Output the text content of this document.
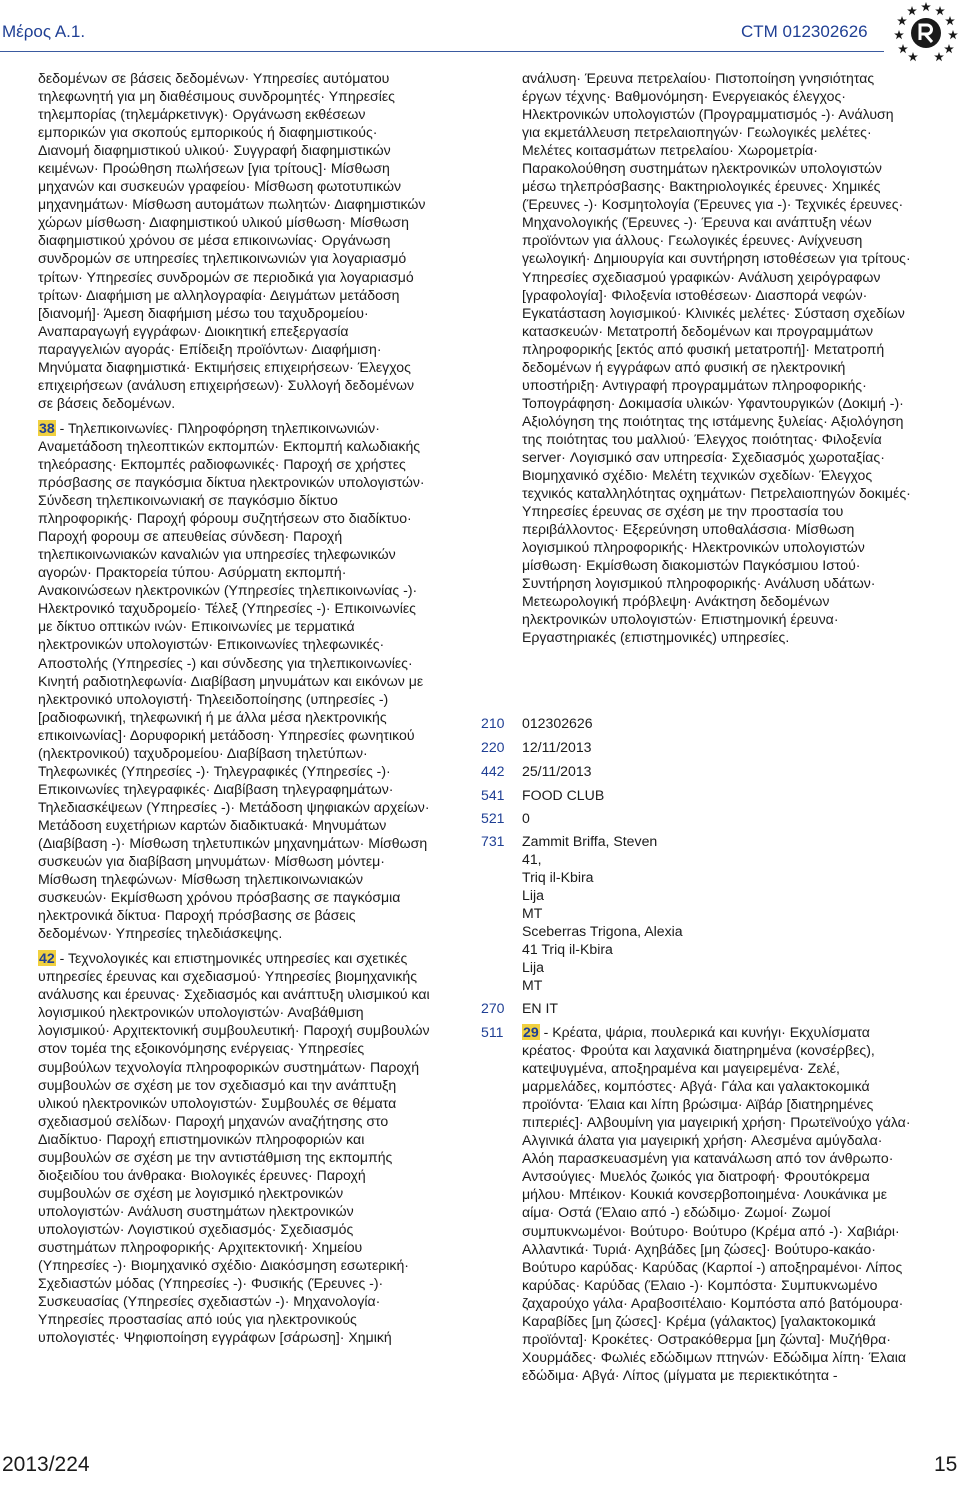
Μέρος Α.1.	CTM 012302626

δεδομένων σε βάσεις δεδομένων· Υπηρεσίες αυτόματου τηλεφωνητή για μη διαθέσιμους συνδρομητές· Υπηρεσίες τηλεμπορίας (τηλεμάρκετινγκ)· Οργάνωση εκθέσεων εμπορικών για σκοπούς εμπορικούς ή διαφημιστικούς· Διανομή διαφημιστικού υλικού· Συγγραφή διαφημιστικών κειμένων· Προώθηση πωλήσεων [για τρίτους]· Μίσθωση μηχανών και συσκευών γραφείου· Μίσθωση φωτοτυπικών μηχανημάτων· Μίσθωση αυτομάτων πωλητών· Διαφημιστικών χώρων μίσθωση· Διαφημιστικού υλικού μίσθωση· Μίσθωση διαφημιστικού χρόνου σε μέσα επικοινωνίας· Οργάνωση συνδρομών σε υπηρεσίες τηλεπικοινωνιών για λογαριασμό τρίτων· Υπηρεσίες συνδρομών σε περιοδικά για λογαριασμό τρίτων· Διαφήμιση με αλληλογραφία· Δειγμάτων μετάδοση [διανομή]· Άμεση διαφήμιση μέσω του ταχυδρομείου· Αναπαραγωγή εγγράφων· Διοικητική επεξεργασία παραγγελιών αγοράς· Επίδειξη προϊόντων· Διαφήμιση· Μηνύματα διαφημιστικά· Εκτιμήσεις επιχειρήσεων· Έλεγχος επιχειρήσεων (ανάλυση επιχειρήσεων)· Συλλογή δεδομένων σε βάσεις δεδομένων.

38 - Τηλεπικοινωνίες· Πληροφόρηση τηλεπικοινωνιών· Αναμετάδοση τηλεοπτικών εκπομπών· Εκπομπή καλωδιακής τηλεόρασης· Εκπομπές ραδιοφωνικές· Παροχή σε χρήστες πρόσβασης σε παγκόσμια δίκτυα ηλεκτρονικών υπολογιστών· Σύνδεση τηλεπικοινωνιακή σε παγκόσμιο δίκτυο πληροφορικής· Παροχή φόρουμ συζητήσεων στο διαδίκτυο· Παροχή φορουμ σε απευθείας σύνδεση· Παροχή τηλεπικοινωνιακών καναλιών για υπηρεσίες τηλεφωνικών αγορών· Πρακτορεία τύπου· Ασύρματη εκπομπή· Ανακοινώσεων ηλεκτρονικών (Υπηρεσίες τηλεπικοινωνίας -)· Ηλεκτρονικό ταχυδρομείο· Τέλεξ (Υπηρεσίες -)· Επικοινωνίες με δίκτυο οπτικών ινών· Επικοινωνίες με τερματικά ηλεκτρονικών υπολογιστών· Επικοινωνίες τηλεφωνικές· Αποστολής (Υπηρεσίες -) και σύνδεσης για τηλεπικοινωνίες· Κινητή ραδιοτηλεφωνία· Διαβίβαση μηνυμάτων και εικόνων με ηλεκτρονικό υπολογιστή· Τηλεειδοποίησης (υπηρεσίες -) [ραδιοφωνική, τηλεφωνική ή με άλλα μέσα ηλεκτρονικής επικοινωνίας]· Δορυφορική μετάδοση· Υπηρεσίες φωνητικού (ηλεκτρονικού) ταχυδρομείου· Διαβίβαση τηλετύπων· Τηλεφωνικές (Υπηρεσίες -)· Τηλεγραφικές (Υπηρεσίες -)· Επικοινωνίες τηλεγραφικές· Διαβίβαση τηλεγραφημάτων· Τηλεδιασκέψεων (Υπηρεσίες -)· Μετάδοση ψηφιακών αρχείων· Μετάδοση ευχετήριων καρτών διαδικτυακά· Μηνυμάτων (Διαβίβαση -)· Μίσθωση τηλετυπικών μηχανημάτων· Μίσθωση συσκευών για διαβίβαση μηνυμάτων· Μίσθωση μόντεμ· Μίσθωση τηλεφώνων· Μίσθωση τηλεπικοινωνιακών συσκευών· Εκμίσθωση χρόνου πρόσβασης σε παγκόσμια ηλεκτρονικά δίκτυα· Παροχή πρόσβασης σε βάσεις δεδομένων· Υπηρεσίες τηλεδιάσκεψης.

42 - Τεχνολογικές και επιστημονικές υπηρεσίες και σχετικές υπηρεσίες έρευνας και σχεδιασμού· Υπηρεσίες βιομηχανικής ανάλυσης και έρευνας· Σχεδιασμός και ανάπτυξη υλισμικού και λογισμικού ηλεκτρονικών υπολογιστών· Αναβάθμιση λογισμικού· Αρχιτεκτονική συμβουλευτική· Παροχή συμβουλών στον τομέα της εξοικονόμησης ενέργειας· Υπηρεσίες συμβούλων τεχνολογία πληροφορικών συστημάτων· Παροχή συμβουλών σε σχέση με τον σχεδιασμό και την ανάπτυξη υλικού ηλεκτρονικών υπολογιστών· Συμβουλές σε θέματα σχεδιασμού σελίδων· Παροχή μηχανών αναζήτησης στο Διαδίκτυο· Παροχή επιστημονικών πληροφοριών και συμβουλών σε σχέση με την αντιστάθμιση της εκπομπής διοξειδίου του άνθρακα· Βιολογικές έρευνες· Παροχή συμβουλών σε σχέση με λογισμικό ηλεκτρονικών υπολογιστών· Ανάλυση συστημάτων ηλεκτρονικών υπολογιστών· Λογιστικού σχεδιασμός· Σχεδιασμός συστημάτων πληροφορικής· Αρχιτεκτονική· Χημείου (Υπηρεσίες -)· Βιομηχανικό σχέδιο· Διακόσμηση εσωτερική· Σχεδιαστών μόδας (Υπηρεσίες -)· Φυσικής (Έρευνες -)· Συσκευασίας (Υπηρεσίες σχεδιαστών -)· Μηχανολογία· Υπηρεσίες προστασίας από ιούς για ηλεκτρονικούς υπολογιστές· Ψηφιοποίηση εγγράφων [σάρωση]· Χημική

ανάλυση· Έρευνα πετρελαίου· Πιστοποίηση γνησιότητας έργων τέχνης· Βαθμονόμηση· Ενεργειακός έλεγχος· Ηλεκτρονικών υπολογιστών (Προγραμματισμός -)· Ανάλυση για εκμετάλλευση πετρελαιοπηγών· Γεωλογικές μελέτες· Μελέτες κοιτασμάτων πετρελαίου· Χωρομετρία· Παρακολούθηση συστημάτων ηλεκτρονικών υπολογιστών μέσω τηλεπρόσβασης· Βακτηριολογικές έρευνες· Χημικές (Έρευνες -)· Κοσμητολογία (Έρευνες για -)· Τεχνικές έρευνες· Μηχανολογικής (Έρευνες -)· Έρευνα και ανάπτυξη νέων προϊόντων για άλλους· Γεωλογικές έρευνες· Ανίχνευση γεωλογική· Δημιουργία και συντήρηση ιστοθέσεων για τρίτους· Υπηρεσίες σχεδιασμού γραφικών· Ανάλυση χειρόγραφων [γραφολογία]· Φιλοξενία ιστοθέσεων· Διασπορά νεφών· Εγκατάσταση λογισμικού· Κλινικές μελέτες· Σύσταση σχεδίων κατασκευών· Μετατροπή δεδομένων και προγραμμάτων πληροφορικής [εκτός από φυσική μετατροπή]· Μετατροπή δεδομένων ή εγγράφων από φυσική σε ηλεκτρονική υποστήριξη· Αντιγραφή προγραμμάτων πληροφορικής· Τοπογράφηση· Δοκιμασία υλικών· Υφαντουργικών (Δοκιμή -)· Αξιολόγηση της ποιότητας της ιστάμενης ξυλείας· Αξιολόγηση της ποιότητας του μαλλιού· Έλεγχος ποιότητας· Φιλοξενία server· Λογισμικό σαν υπηρεσία· Σχεδιασμός χωροταξίας· Βιομηχανικό σχέδιο· Μελέτη τεχνικών σχεδίων· Έλεγχος τεχνικός καταλληλότητας οχημάτων· Πετρελαιοπηγών δοκιμές· Υπηρεσίες έρευνας σε σχέση με την προστασία του περιβάλλοντος· Εξερεύνηση υποθαλάσσια· Μίσθωση λογισμικού πληροφορικής· Ηλεκτρονικών υπολογιστών μίσθωση· Εκμίσθωση διακομιστών Παγκόσμιου Ιστού· Συντήρηση λογισμικού πληροφορικής· Ανάλυση υδάτων· Μετεωρολογική πρόβλεψη· Ανάκτηση δεδομένων ηλεκτρονικών υπολογιστών· Επιστημονική έρευνα· Εργαστηριακές (επιστημονικές) υπηρεσίες.

210 012302626
220 12/11/2013
442 25/11/2013
541 FOOD CLUB
521 0
731 Zammit Briffa, Steven
41,
Triq il-Kbira
Lija
MT
Sceberras Trigona, Alexia
41 Triq il-Kbira
Lija
MT
270 EN IT
511 29 - Κρέατα, ψάρια, πουλερικά και κυνήγι· Εκχυλίσματα κρέατος· Φρούτα και λαχανικά διατηρημένα (κονσέρβες), κατεψυγμένα, αποξηραμένα και μαγειρεμένα· Ζελέ, μαρμελάδες, κομπόστες· Αβγά· Γάλα και γαλακτοκομικά προϊόντα· Έλαια και λίπη βρώσιμα· Αϊβάρ [διατηρημένες πιπεριές]· Αλβουμίνη για μαγειρική χρήση· Πρωτεϊνούχο γάλα· Αλγινικά άλατα για μαγειρική χρήση· Αλεσμένα αμύγδαλα· Αλόη παρασκευασμένη για κατανάλωση από τον άνθρωπο· Αντσούγιες· Μυελός ζωικός για διατροφή· Φρουτόκρεμα μήλου· Μπέικον· Κουκιά κονσερβοποιημένα· Λουκάνικα με αίμα· Οστά (Έλαιο από -) εδώδιμο· Ζωμοί· Ζωμοί συμπυκνωμένοι· Βούτυρο· Βούτυρο (Κρέμα από -)· Χαβιάρι· Αλλαντικά· Τυριά· Αχηβάδες [μη ζώσες]· Βούτυρο-κακάο· Βούτυρο καρύδας· Καρύδας (Καρποί -) αποξηραμένοι· Λίπος καρύδας· Καρύδας (Έλαιο -)· Κομπόστα· Συμπυκνωμένο ζαχαρούχο γάλα· Αραβοσιτέλαιο· Κομπόστα από βατόμουρα· Καραβίδες [μη ζώσες]· Κρέμα (γάλακτος) [γαλακτοκομικά προϊόντα]· Κροκέτες· Οστρακόθερμα [μη ζώντα]· Μυζήθρα· Χουρμάδες· Φωλιές εδώδιμων πτηνών· Εδώδιμα λίπη· Έλαια εδώδιμα· Αβγά· Λίπος (μίγματα με περιεκτικότητα -

2013/224	15
